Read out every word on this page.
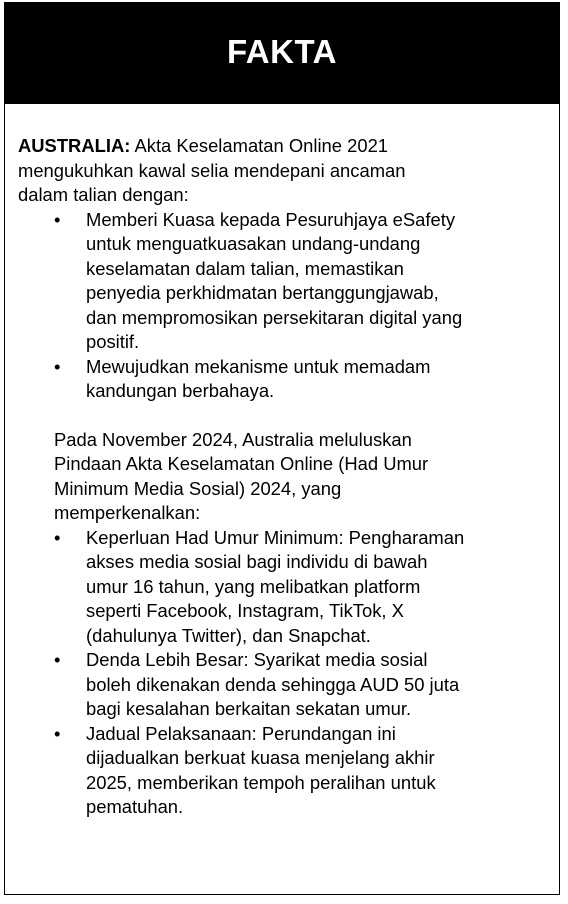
FAKTA

AUSTRALIA: Akta Keselamatan Online 2021

mengukuhkan kawal selia mendepani ancaman

dalam talian dengan:

• Memberi Kuasa kepada Pesuruhjaya eSafety

untuk menguatkuasakan undang-undang

keselamatan dalam talian, memastikan

penyedia perkhidmatan bertanggungjawab,

dan mempromosikan persekitaran digital yang

positif.

• Mewujudkan mekanisme untuk memadam

kandungan berbahaya.

Pada November 2024, Australia meluluskan

Pindaan Akta Keselamatan Online (Had Umur

Minimum Media Sosial) 2024, yang

memperkenalkan:

• Keperluan Had Umur Minimum: Pengharaman

akses media sosial bagi individu di bawah

umur 16 tahun, yang melibatkan platform

seperti Facebook, Instagram, TikTok, X

(dahulunya Twitter), dan Snapchat.

• Denda Lebih Besar: Syarikat media sosial

boleh dikenakan denda sehingga AUD 50 juta

bagi kesalahan berkaitan sekatan umur.

• Jadual Pelaksanaan: Perundangan ini

dijadualkan berkuat kuasa menjelang akhir

2025, memberikan tempoh peralihan untuk

pematuhan.
